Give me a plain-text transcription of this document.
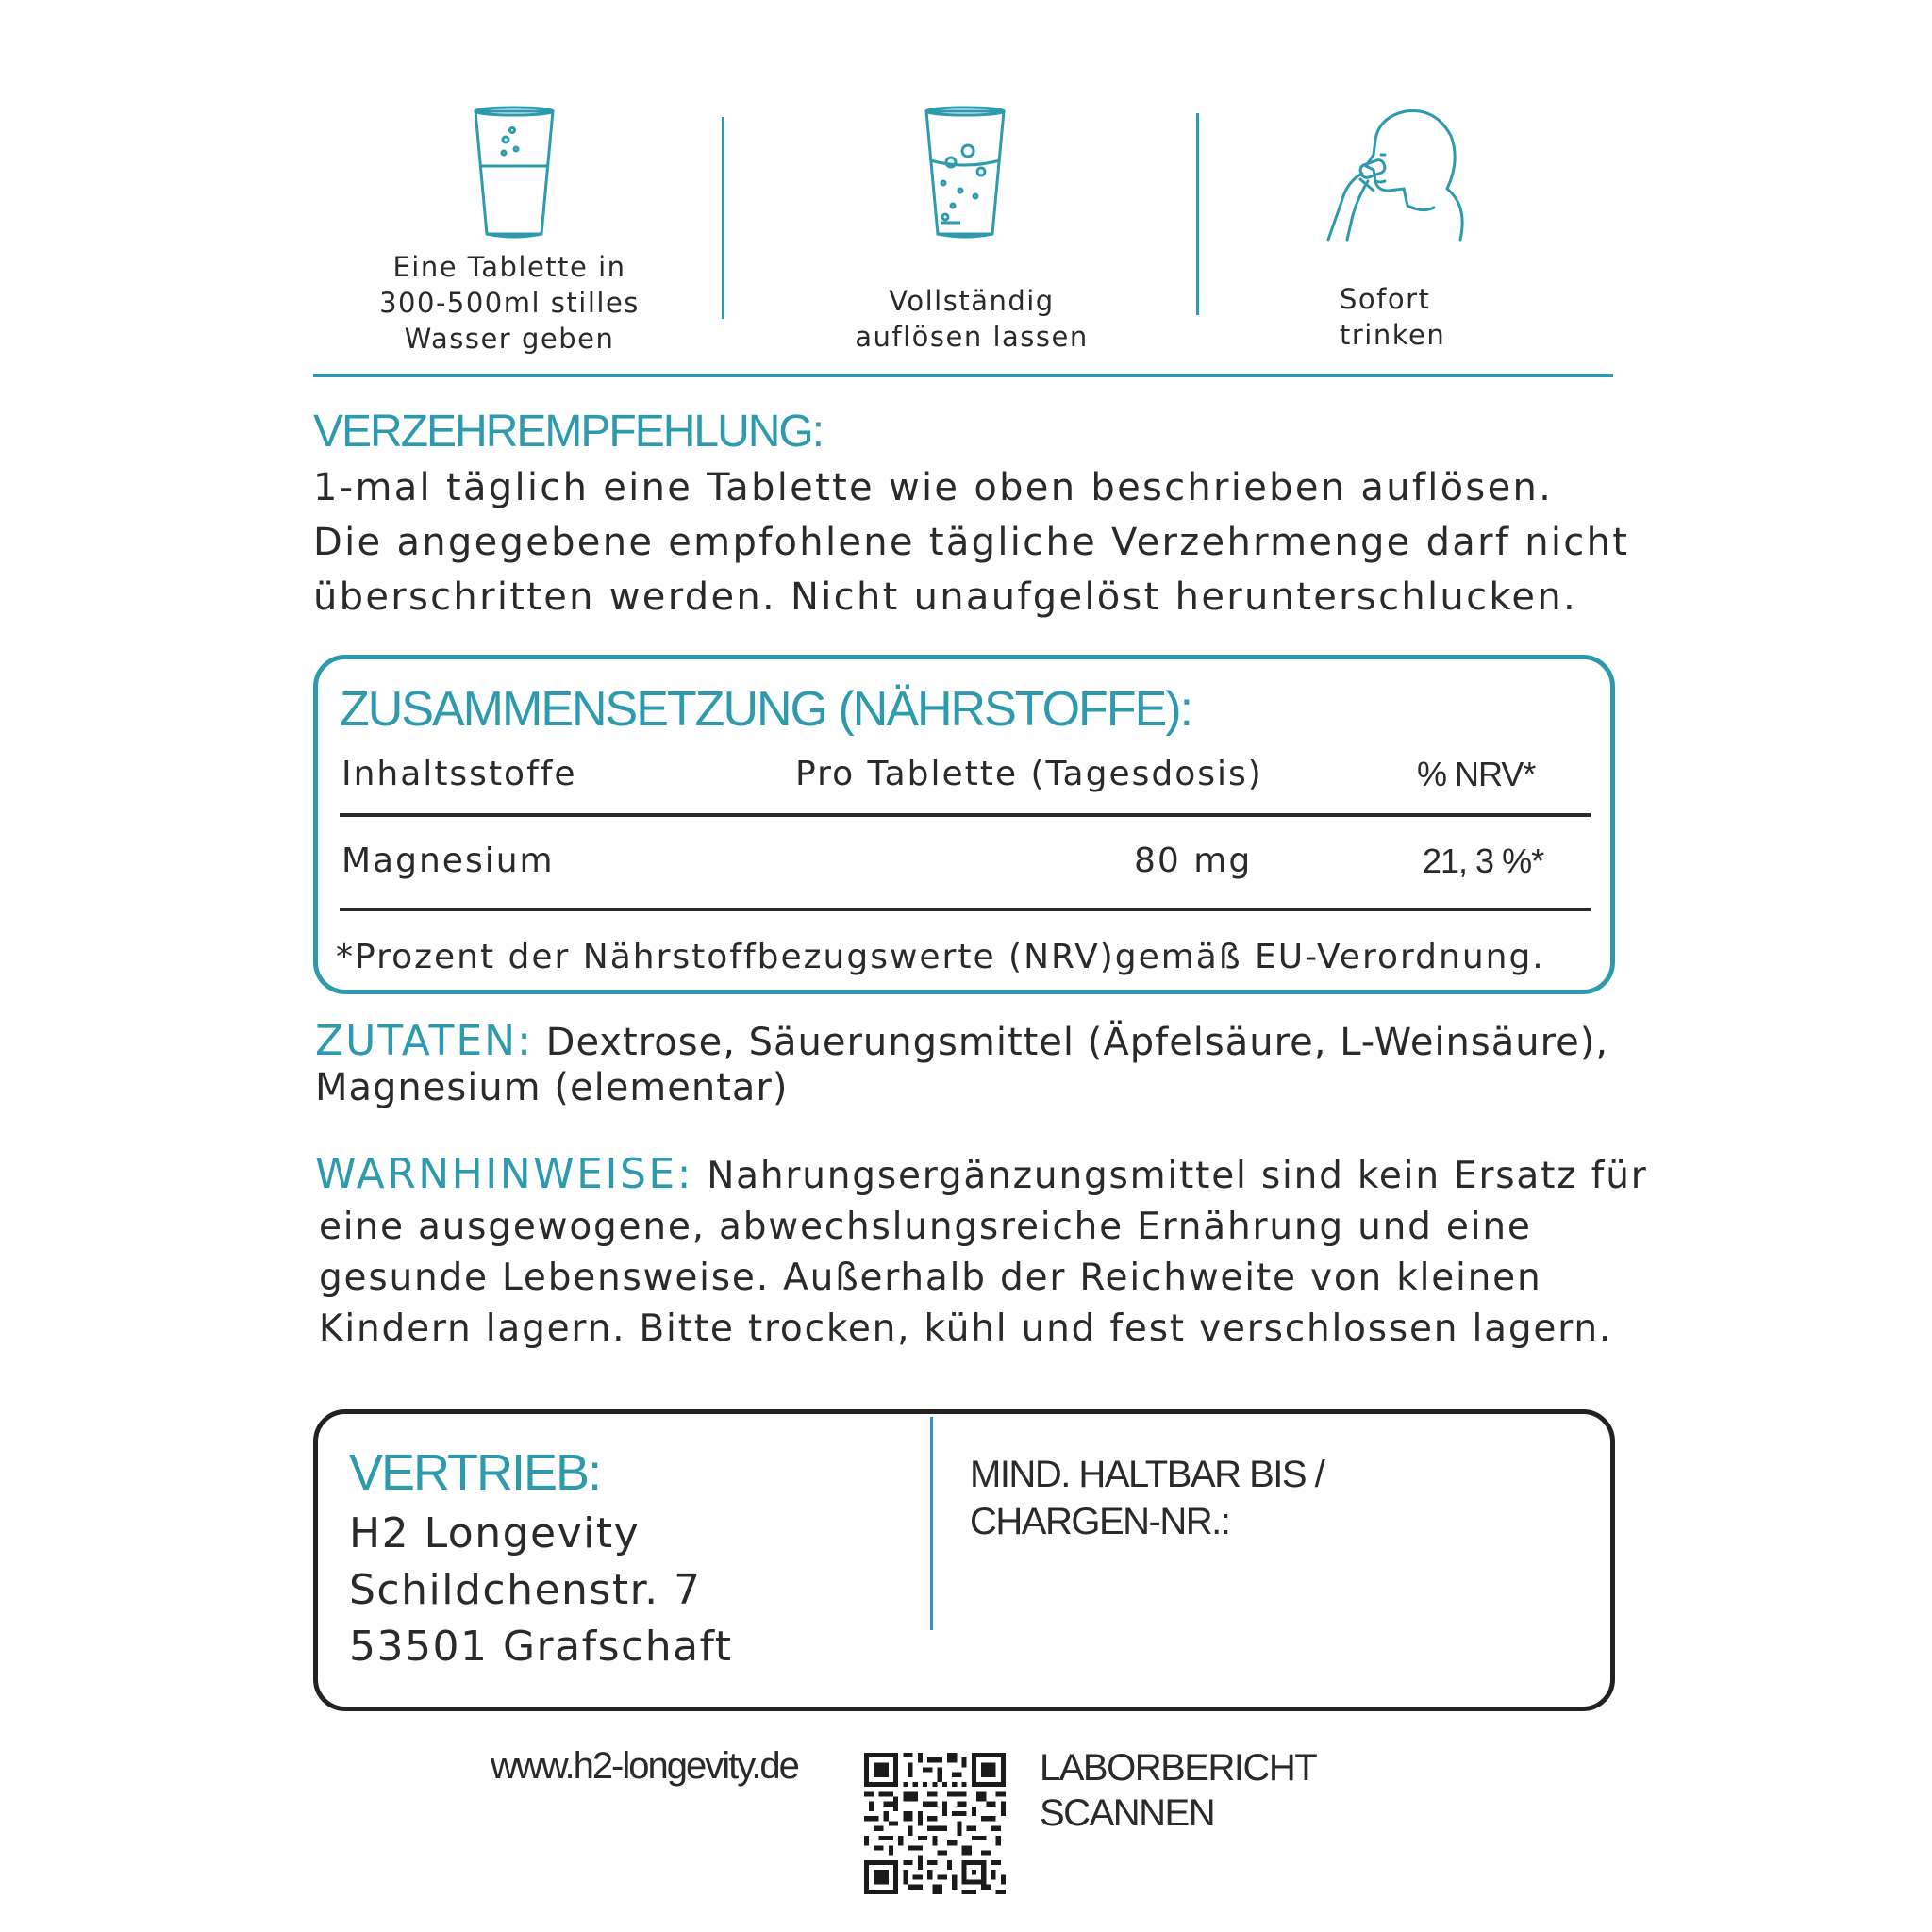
Eine Tablette in
300-500ml stilles
Wasser geben
Vollständig
auflösen lassen
Sofort
trinken
VERZEHREMPFEHLUNG:
1-mal täglich eine Tablette wie oben beschrieben auflösen.
Die angegebene empfohlene tägliche Verzehrmenge darf nicht
überschritten werden. Nicht unaufgelöst herunterschlucken.
ZUSAMMENSETZUNG (NÄHRSTOFFE):
Inhaltsstoffe	Pro Tablette (Tagesdosis)	% NRV*
Magnesium	80 mg	21, 3 %*
*Prozent der Nährstoffbezugswerte (NRV)gemäß EU-Verordnung.
ZUTATEN: Dextrose, Säuerungsmittel (Äpfelsäure, L-Weinsäure),
Magnesium (elementar)
WARNHINWEISE: Nahrungsergänzungsmittel sind kein Ersatz für
eine ausgewogene, abwechslungsreiche Ernährung und eine
gesunde Lebensweise. Außerhalb der Reichweite von kleinen
Kindern lagern. Bitte trocken, kühl und fest verschlossen lagern.
VERTRIEB:
H2 Longevity
Schildchenstr. 7
53501 Grafschaft
MIND. HALTBAR BIS /
CHARGEN-NR.:
www.h2-longevity.de	LABORBERICHT
SCANNEN
